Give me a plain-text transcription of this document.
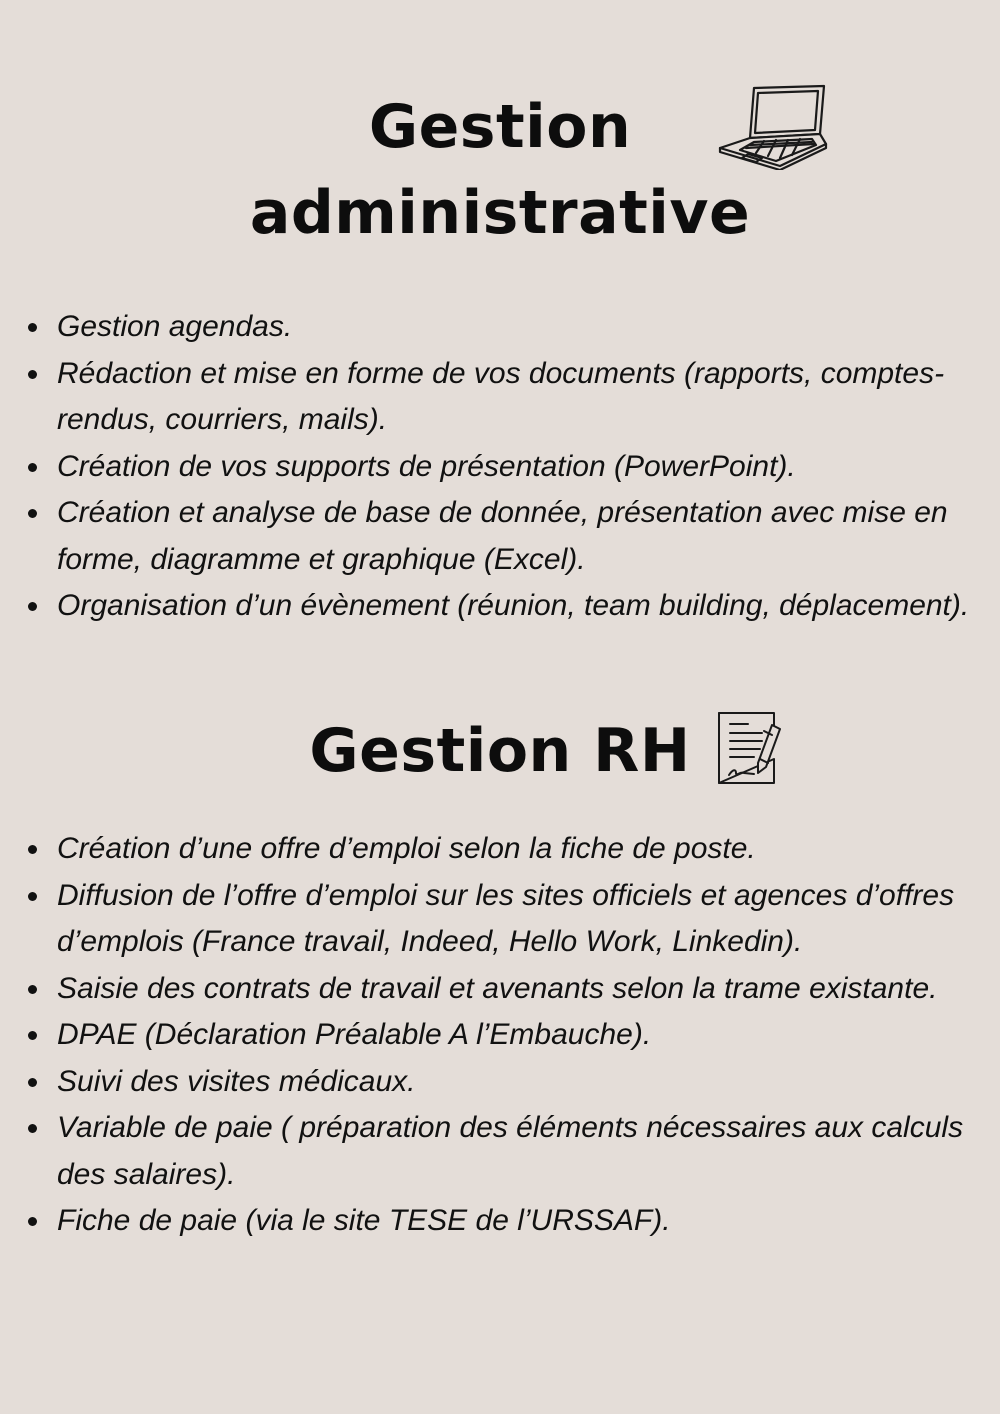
Gestion
administrative
Gestion agendas.
Rédaction et mise en forme de vos documents (rapports, comptes-rendus, courriers, mails).
Création de vos supports de présentation (PowerPoint).
Création et analyse de base de donnée, présentation avec mise en forme, diagramme et graphique (Excel).
Organisation d’un évènement (réunion, team building, déplacement).
Gestion RH
Création d’une offre d’emploi selon la fiche de poste.
Diffusion de l’offre d’emploi sur les sites officiels et agences d’offres d’emplois (France travail, Indeed, Hello Work, Linkedin).
Saisie des contrats de travail et avenants selon la trame existante.
DPAE (Déclaration Préalable A l’Embauche).
Suivi des visites médicaux.
Variable de paie ( préparation des éléments nécessaires aux calculs des salaires).
Fiche de paie (via le site TESE de l’URSSAF).
